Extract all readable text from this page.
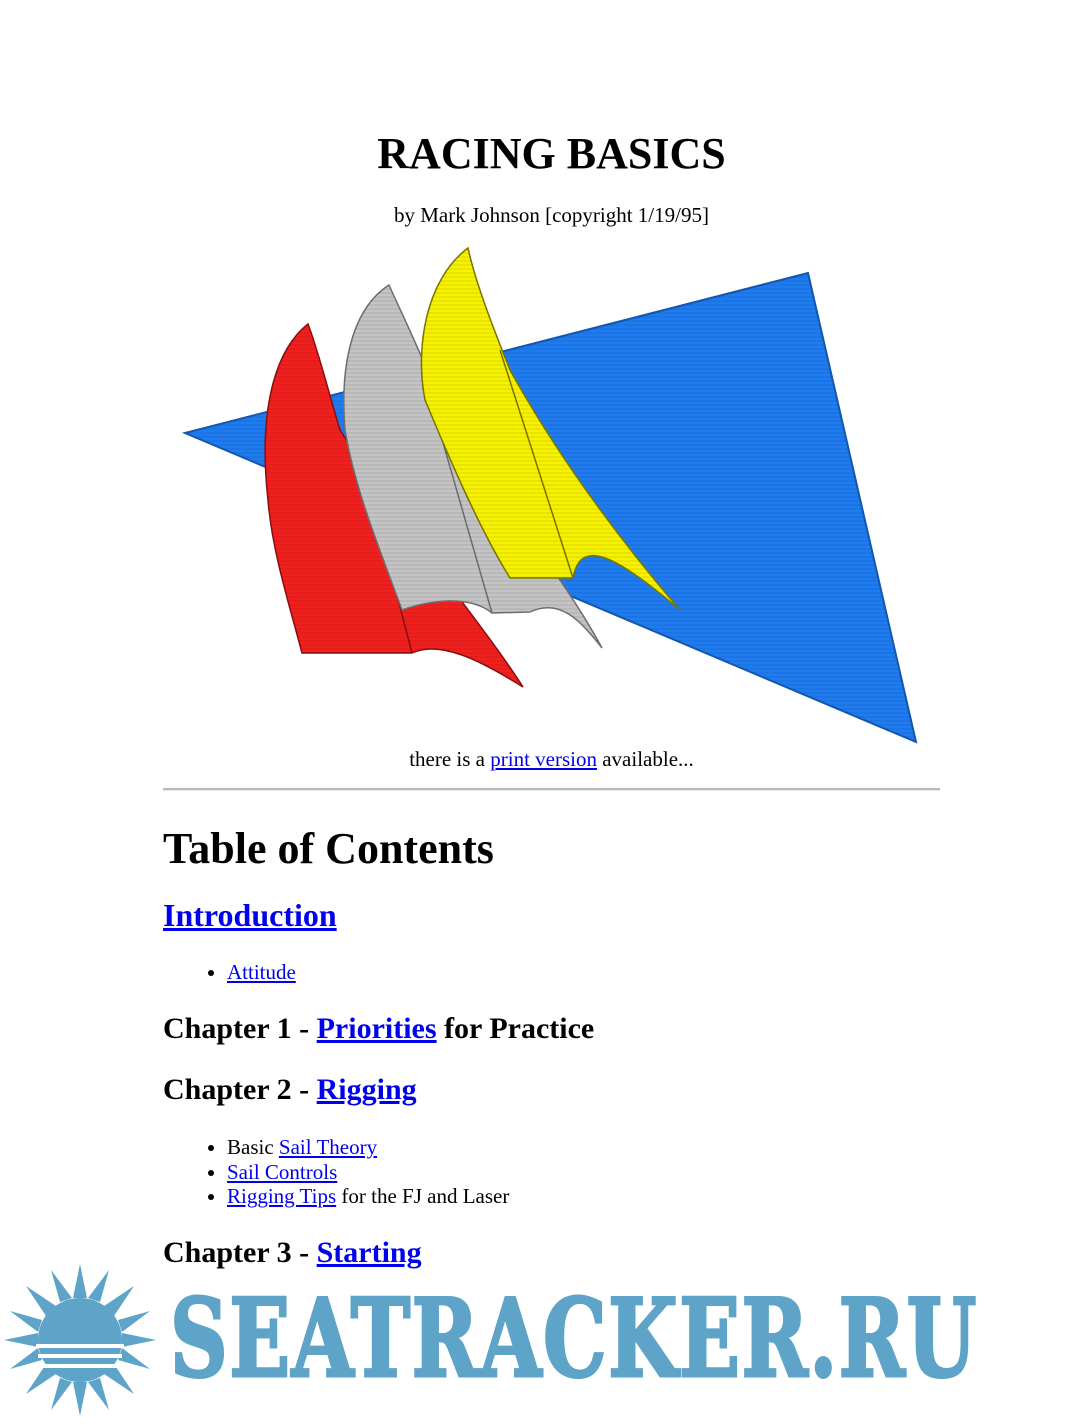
RACING BASICS

by Mark Johnson [copyright 1/19/95]

there is a print version available...

Table of Contents
Introduction
• Attitude
Chapter 1 - Priorities for Practice
Chapter 2 - Rigging
• Basic Sail Theory
• Sail Controls
• Rigging Tips for the FJ and Laser
Chapter 3 - Starting
SEATRACKER.RU
